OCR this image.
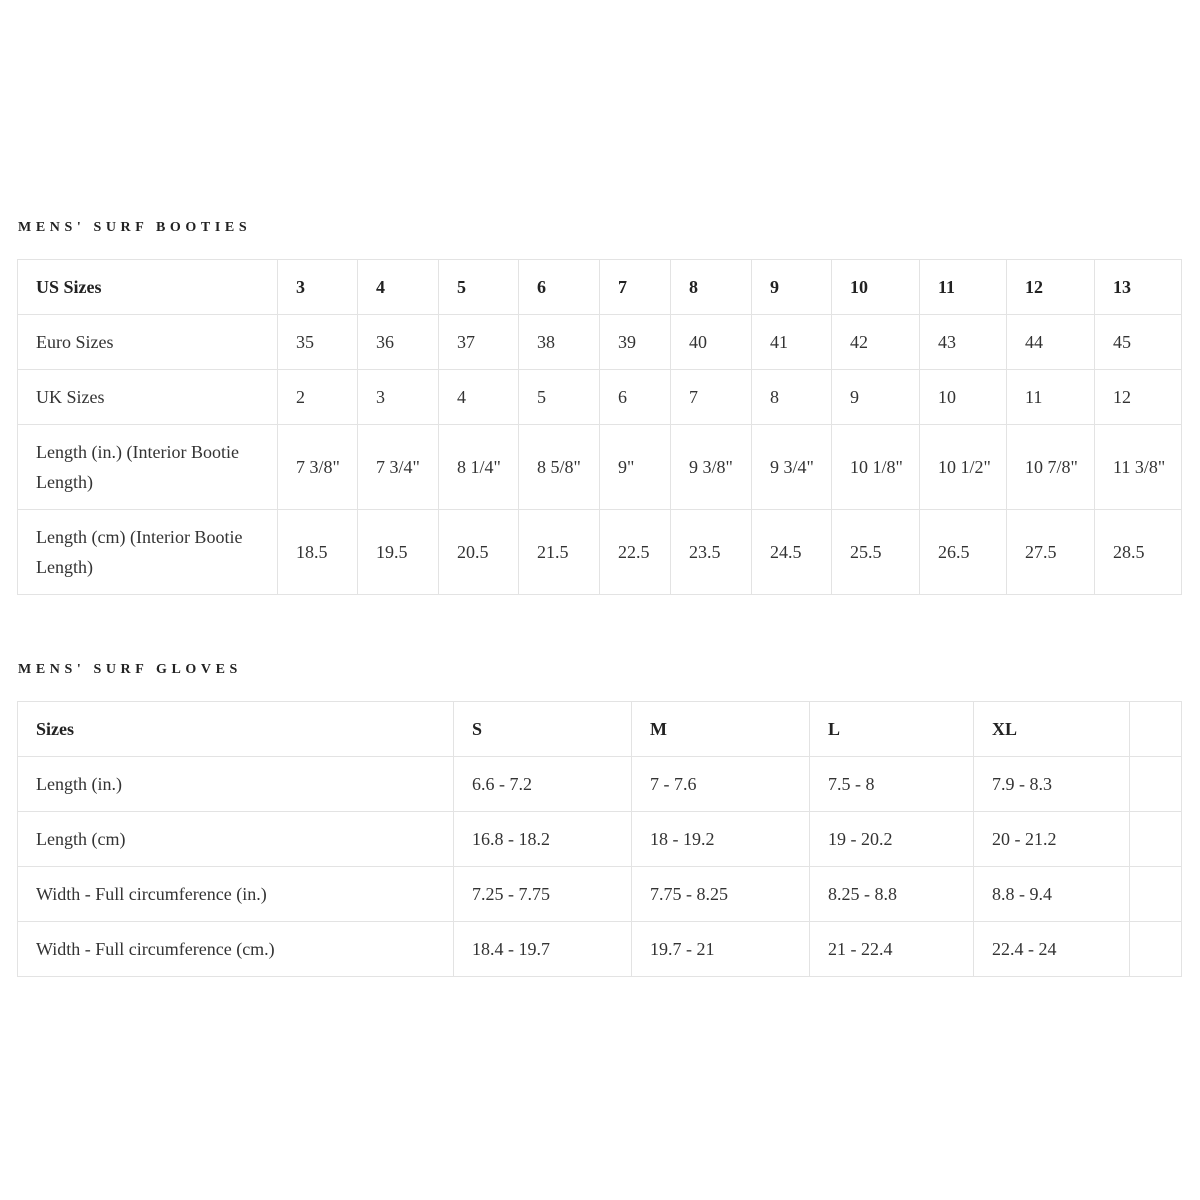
MENS' SURF BOOTIES
US Sizes	3	4	5	6	7	8	9	10	11	12	13
Euro Sizes	35	36	37	38	39	40	41	42	43	44	45
UK Sizes	2	3	4	5	6	7	8	9	10	11	12
Length (in.) (Interior Bootie Length)	7 3/8"	7 3/4"	8 1/4"	8 5/8"	9"	9 3/8"	9 3/4"	10 1/8"	10 1/2"	10 7/8"	11 3/8"
Length (cm) (Interior Bootie Length)	18.5	19.5	20.5	21.5	22.5	23.5	24.5	25.5	26.5	27.5	28.5
MENS' SURF GLOVES
Sizes	S	M	L	XL	
Length (in.)	6.6 - 7.2	7 - 7.6	7.5 - 8	7.9 - 8.3	
Length (cm)	16.8 - 18.2	18 - 19.2	19 - 20.2	20 - 21.2	
Width - Full circumference (in.)	7.25 - 7.75	7.75 - 8.25	8.25 - 8.8	8.8 - 9.4	
Width - Full circumference (cm.)	18.4 - 19.7	19.7 - 21	21 - 22.4	22.4 - 24	
